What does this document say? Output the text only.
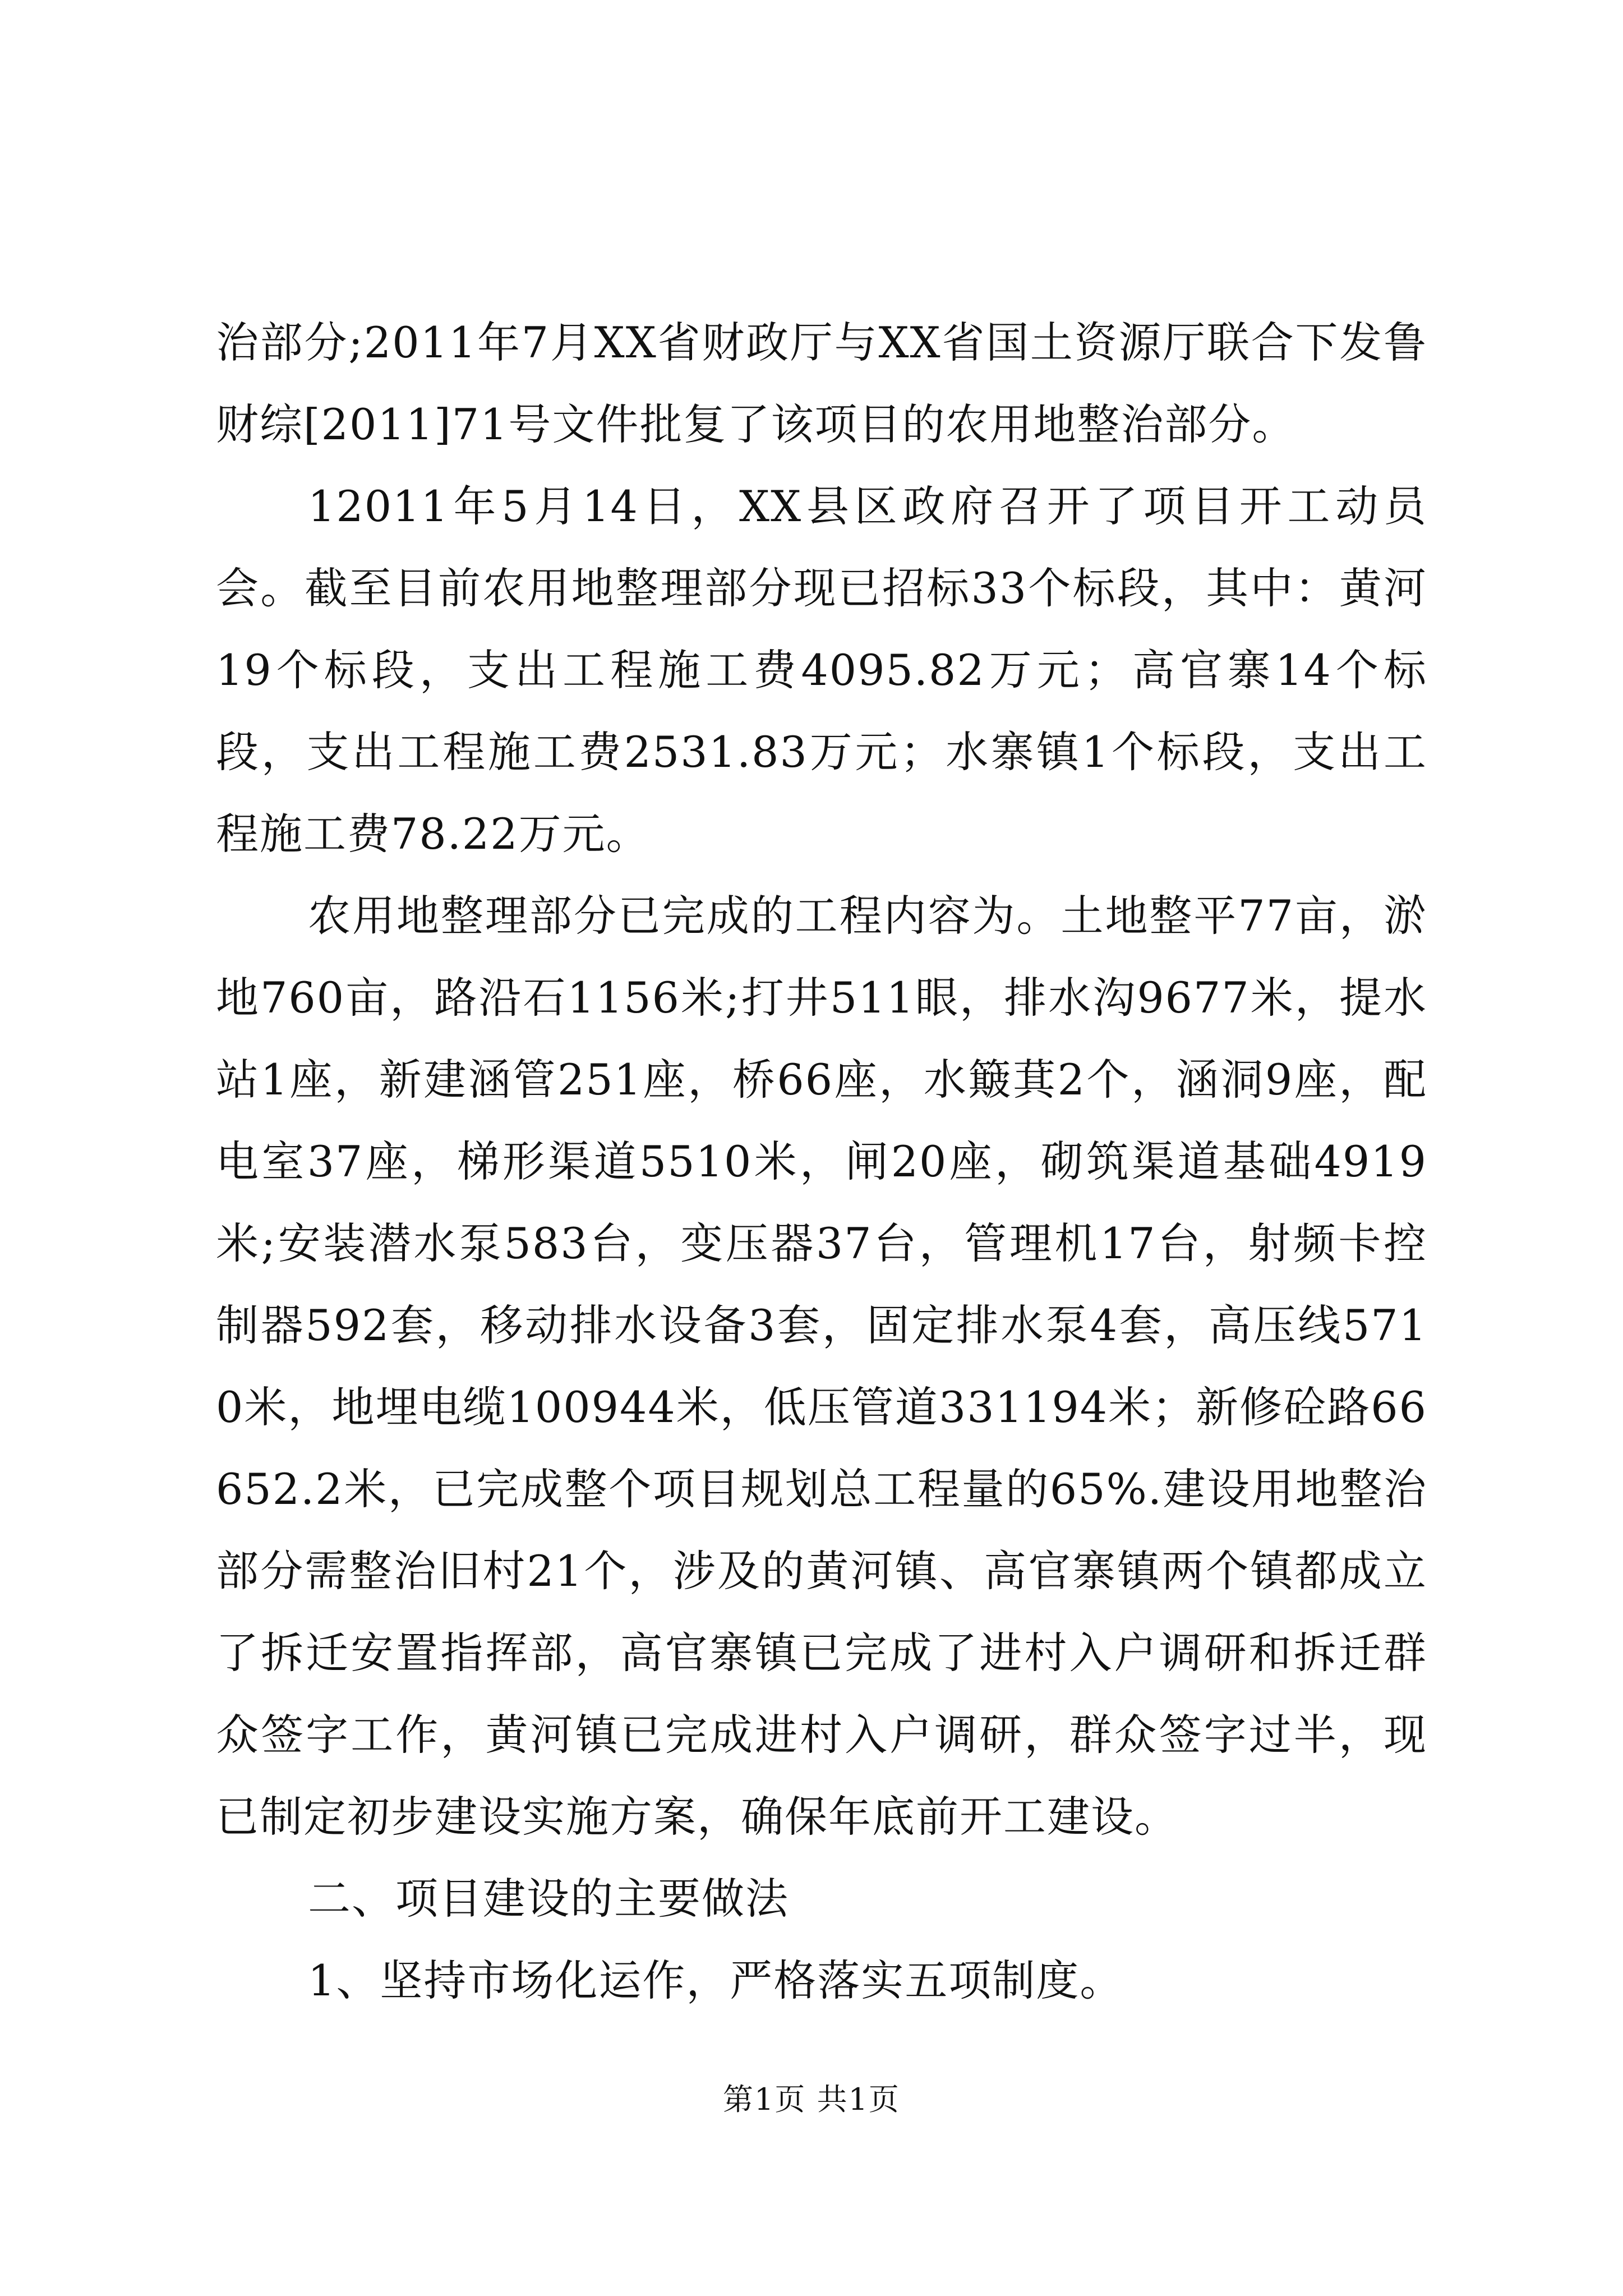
治部分;2011年7月XX省财政厅与XX省国土资源厅联合下发鲁财综[2011]71号文件批复了该项目的农用地整治部分。

12011年5月14日，XX县区政府召开了项目开工动员会。截至目前农用地整理部分现已招标33个标段，其中：黄河19个标段，支出工程施工费4095.82万元；高官寨14个标段，支出工程施工费2531.83万元；水寨镇1个标段，支出工程施工费78.22万元。

农用地整理部分已完成的工程内容为。土地整平77亩，淤地760亩，路沿石1156米;打井511眼，排水沟9677米，提水站1座，新建涵管251座，桥66座，水簸萁2个，涵洞9座，配电室37座，梯形渠道5510米，闸20座，砌筑渠道基础4919米;安装潜水泵583台，变压器37台，管理机17台，射频卡控制器592套，移动排水设备3套，固定排水泵4套，高压线5710米，地埋电缆100944米，低压管道331194米；新修砼路66652.2米，已完成整个项目规划总工程量的65%.建设用地整治部分需整治旧村21个，涉及的黄河镇、高官寨镇两个镇都成立了拆迁安置指挥部，高官寨镇已完成了进村入户调研和拆迁群众签字工作，黄河镇已完成进村入户调研，群众签字过半，现已制定初步建设实施方案，确保年底前开工建设。

二、项目建设的主要做法

1、坚持市场化运作，严格落实五项制度。

第1页 共1页
